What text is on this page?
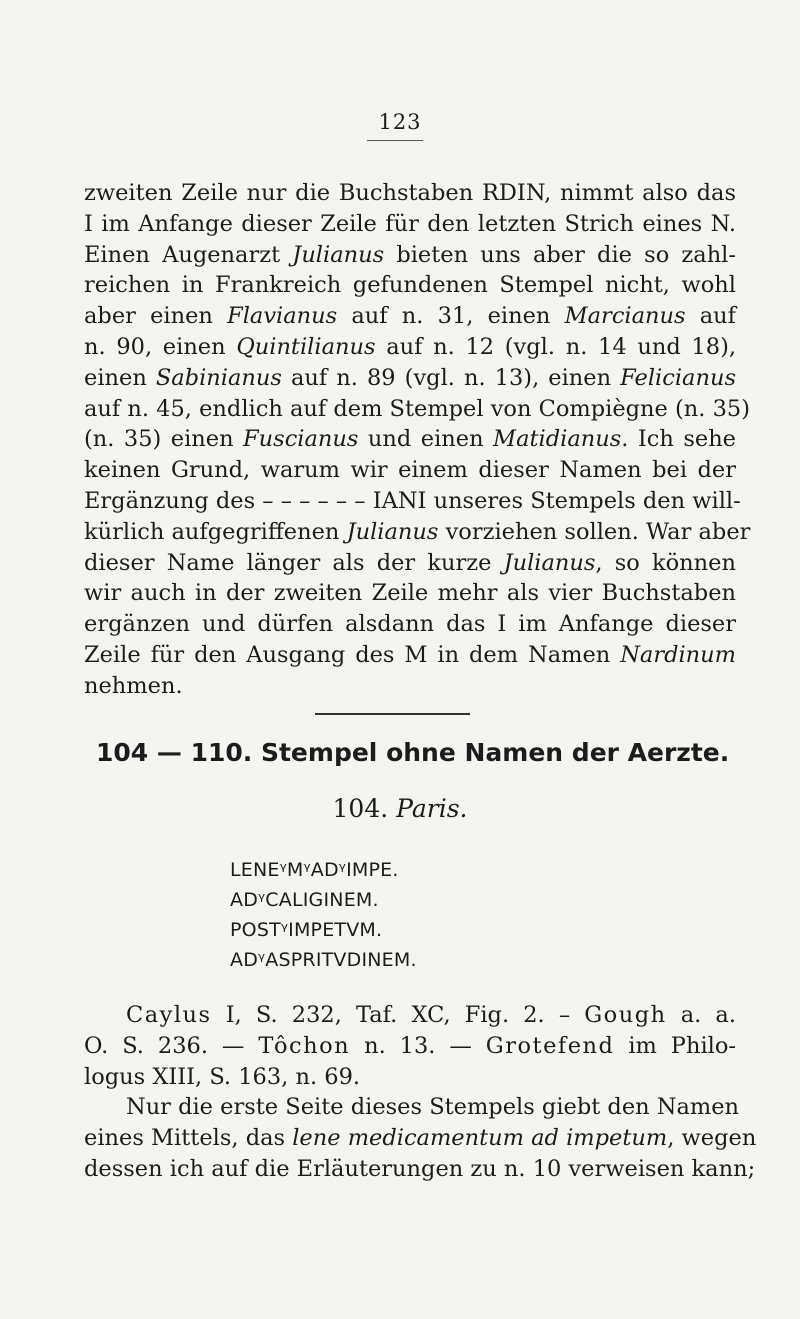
123
zweiten Zeile nur die Buchstaben RDIN, nimmt also das
I im Anfange dieser Zeile für den letzten Strich eines N.
Einen Augenarzt Julianus bieten uns aber die so zahl-
reichen in Frankreich gefundenen Stempel nicht, wohl
aber einen Flavianus auf n. 31, einen Marcianus auf
n. 90, einen Quintilianus auf n. 12 (vgl. n. 14 und 18),
einen Sabinianus auf n. 89 (vgl. n. 13), einen Felicianus
auf n. 45, endlich auf dem Stempel von Compiègne (n. 35)
(n. 35) einen Fuscianus und einen Matidianus. Ich sehe
keinen Grund, warum wir einem dieser Namen bei der
Ergänzung des – – – – – – IANI unseres Stempels den will-
kürlich aufgegriffenen Julianus vorziehen sollen. War aber
dieser Name länger als der kurze Julianus, so können
wir auch in der zweiten Zeile mehr als vier Buchstaben
ergänzen und dürfen alsdann das I im Anfange dieser
Zeile für den Ausgang des M in dem Namen Nardinum
nehmen.
104 — 110. Stempel ohne Namen der Aerzte.
104. Paris.
LENEᵞMᵞADᵞIMPE.
ADᵞCALIGINEM.
POSTᵞIMPETVM.
ADᵞASPRITVDINEM.
Caylus I, S. 232, Taf. XC, Fig. 2. – Gough a. a.
O. S. 236. — Tôchon n. 13. — Grotefend im Philo-
logus XIII, S. 163, n. 69.
Nur die erste Seite dieses Stempels giebt den Namen
eines Mittels, das lene medicamentum ad impetum, wegen
dessen ich auf die Erläuterungen zu n. 10 verweisen kann;
